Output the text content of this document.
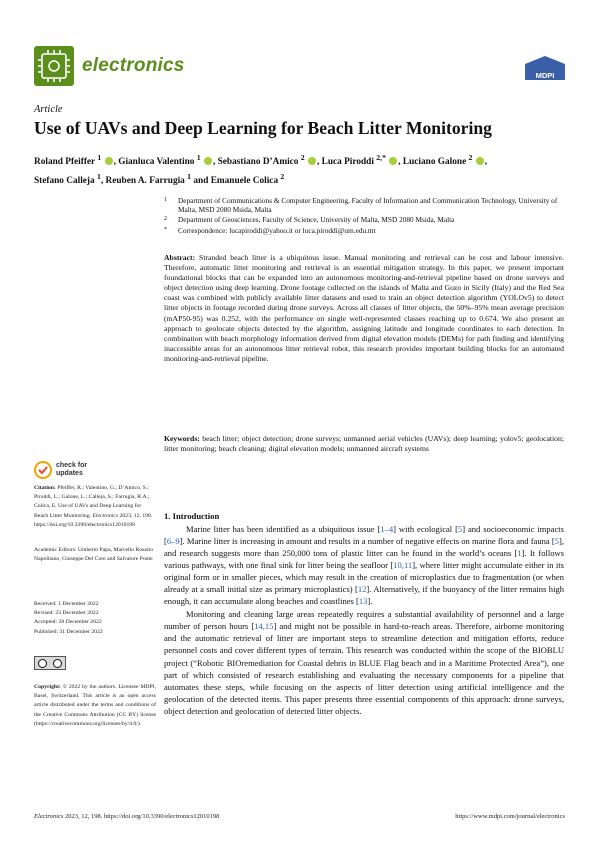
electronics	MDPI
Article
Use of UAVs and Deep Learning for Beach Litter Monitoring
Roland Pfeiffer $^1$ , Gianluca Valentino $^1$ , Sebastiano D’Amico $^2$ , Luca Piroddi $^{2,*}$ , Luciano Galone $^2$ ,
Stefano Calleja $^1$, Reuben A. Farrugia $^1$ and Emanuele Colica $^2$
1	Department of Communications & Computer Engineering, Faculty of Information and Communication Technology, University of Malta, MSD 2080 Msida, Malta
2	Department of Geosciences, Faculty of Science, University of Malta, MSD 2080 Msida, Malta
*	Correspondence: lucapiroddi@yahoo.it or luca.piroddi@um.edu.mt
Abstract: Stranded beach litter is a ubiquitous issue. Manual monitoring and retrieval can be cost and labour intensive. Therefore, automatic litter monitoring and retrieval is an essential mitigation strategy. In this paper, we present important foundational blocks that can be expanded into an autonomous monitoring-and-retrieval pipeline based on drone surveys and object detection using deep learning. Drone footage collected on the islands of Malta and Gozo in Sicily (Italy) and the Red Sea coast was combined with publicly available litter datasets and used to train an object detection algorithm (YOLOv5) to detect litter objects in footage recorded during drone surveys. Across all classes of litter objects, the 50%–95% mean average precision (mAP50-95) was 0.252, with the performance on single well-represented classes reaching up to 0.674. We also present an approach to geolocate objects detected by the algorithm, assigning latitude and longitude coordinates to each detection. In combination with beach morphology information derived from digital elevation models (DEMs) for path finding and identifying inaccessible areas for an autonomous litter retrieval robot, this research provides important building blocks for an automated monitoring-and-retrieval pipeline.
Keywords: beach litter; object detection; drone surveys; unmanned aerial vehicles (UAVs); deep learning; yolov5; geolocation; litter monitoring; beach cleaning; digital elevation models; unmanned aircraft systems
check for
updates
Citation: Pfeiffer, R.; Valentino, G.; D’Amico, S.; Piroddi, L.; Galone, L.; Calleja, S.; Farrugia, R.A.; Colica, E. Use of UAVs and Deep Learning for Beach Litter Monitoring. Electronics 2023, 12, 198. https://doi.org/10.3390/electronics12010198
Academic Editors: Umberto Papa, Marcello Rosario Napolitano, Giuseppe Del Core and Salvatore Ponte
Received: 1 December 2022
Revised: 23 December 2022
Accepted: 28 December 2022
Published: 31 December 2022
Copyright: © 2022 by the authors. Licensee MDPI, Basel, Switzerland. This article is an open access article distributed under the terms and conditions of the Creative Commons Attribution (CC BY) license (https://creativecommons.org/licenses/by/4.0/).
1. Introduction

Marine litter has been identified as a ubiquitous issue [1–4] with ecological [5] and socioeconomic impacts [6–9]. Marine litter is increasing in amount and results in a number of negative effects on marine flora and fauna [5], and research suggests more than 250,000 tons of plastic litter can be found in the world’s oceans [1]. It follows various pathways, with one final sink for litter being the seafloor [10,11], where litter might accumulate either in its original form or in smaller pieces, which may result in the creation of microplastics due to fragmentation (or when already at a small initial size as primary microplastics) [12]. Alternatively, if the buoyancy of the litter remains high enough, it can accumulate along beaches and coastlines [13].

Monitoring and cleaning large areas repeatedly requires a substantial availability of personnel and a large number of person hours [14,15] and might not be possible in hard-to-reach areas. Therefore, airborne monitoring and the automatic retrieval of litter are important steps to streamline detection and mitigation efforts, reduce personnel costs and cover different types of terrain. This research was conducted within the scope of the BIOBLU project (“Robotic BIOremediation for Coastal debris in BLUE Flag beach and in a Maritime Protected Area”), one part of which consisted of research establishing and evaluating the necessary components for a pipeline that automates these steps, while focusing on the aspects of litter detection using artificial intelligence and the geolocation of the detected items. This paper presents three essential components of this approach: drone surveys, object detection and geolocation of detected litter objects.

Electronics 2023, 12, 198. https://doi.org/10.3390/electronics12010198	https://www.mdpi.com/journal/electronics
